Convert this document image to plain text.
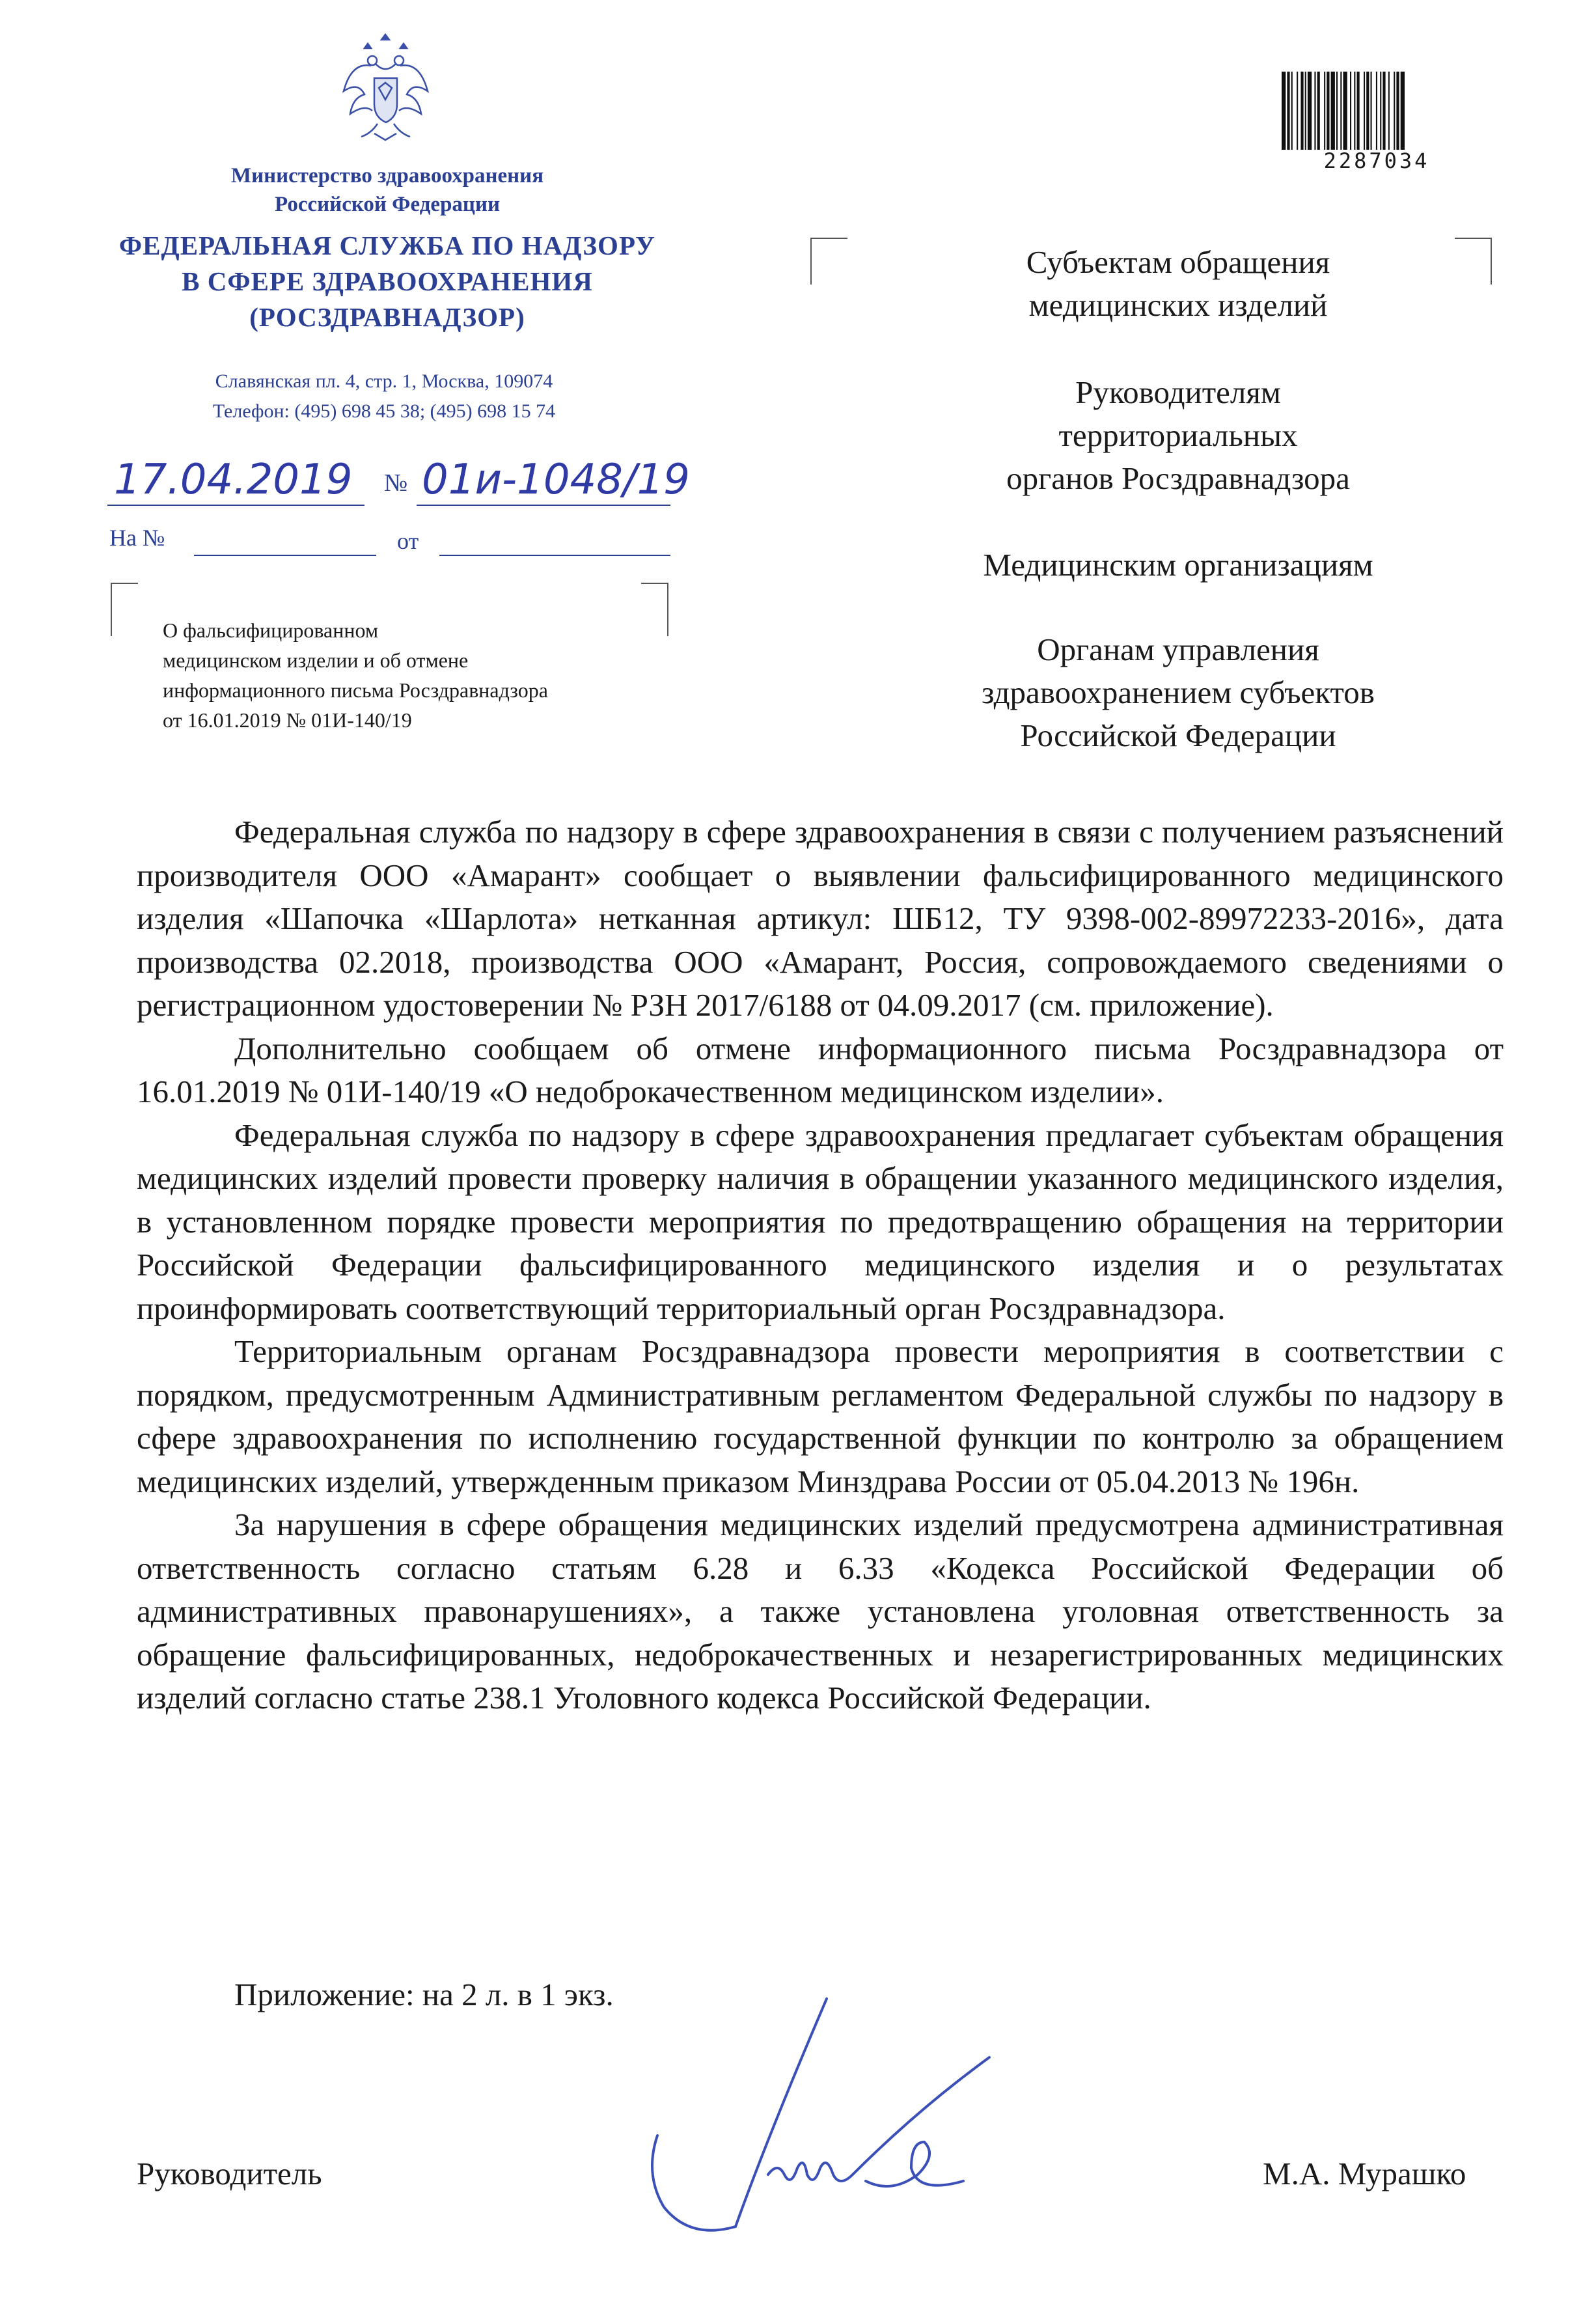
Министерство здравоохранения
Российской Федерации
ФЕДЕРАЛЬНАЯ СЛУЖБА ПО НАДЗОРУ
В СФЕРЕ ЗДРАВООХРАНЕНИЯ
(РОСЗДРАВНАДЗОР)
Славянская пл. 4, стр. 1, Москва, 109074
Телефон: (495) 698 45 38; (495) 698 15 74
17.04.2019 № 01и-1048/19
На №	от
О фальсифицированном
медицинском изделии и об отмене
информационного письма Росздравнадзора
от 16.01.2019 № 01И-140/19
2287034
Субъектам обращения
медицинских изделий
Руководителям
территориальных
органов Росздравнадзора
Медицинским организациям
Органам управления
здравоохранением субъектов
Российской Федерации

Федеральная служба по надзору в сфере здравоохранения в связи с получением разъяснений производителя ООО «Амарант» сообщает о выявлении фальсифицированного медицинского изделия «Шапочка «Шарлота» нетканная артикул: ШБ12, ТУ 9398-002-89972233-2016», дата производства 02.2018, производства ООО «Амарант, Россия, сопровождаемого сведениями о регистрационном удостоверении № РЗН 2017/6188 от 04.09.2017 (см. приложение).

Дополнительно сообщаем об отмене информационного письма Росздравнадзора от 16.01.2019 № 01И-140/19 «О недоброкачественном медицинском изделии».

Федеральная служба по надзору в сфере здравоохранения предлагает субъектам обращения медицинских изделий провести проверку наличия в обращении указанного медицинского изделия, в установленном порядке провести мероприятия по предотвращению обращения на территории Российской Федерации фальсифицированного медицинского изделия и о результатах проинформировать соответствующий территориальный орган Росздравнадзора.

Территориальным органам Росздравнадзора провести мероприятия в соответствии с порядком, предусмотренным Административным регламентом Федеральной службы по надзору в сфере здравоохранения по исполнению государственной функции по контролю за обращением медицинских изделий, утвержденным приказом Минздрава России от 05.04.2013 № 196н.

За нарушения в сфере обращения медицинских изделий предусмотрена административная ответственность согласно статьям 6.28 и 6.33 «Кодекса Российской Федерации об административных правонарушениях», а также установлена уголовная ответственность за обращение фальсифицированных, недоброкачественных и незарегистрированных медицинских изделий согласно статье 238.1 Уголовного кодекса Российской Федерации.

Приложение: на 2 л. в 1 экз.
Руководитель	М.А. Мурашко
